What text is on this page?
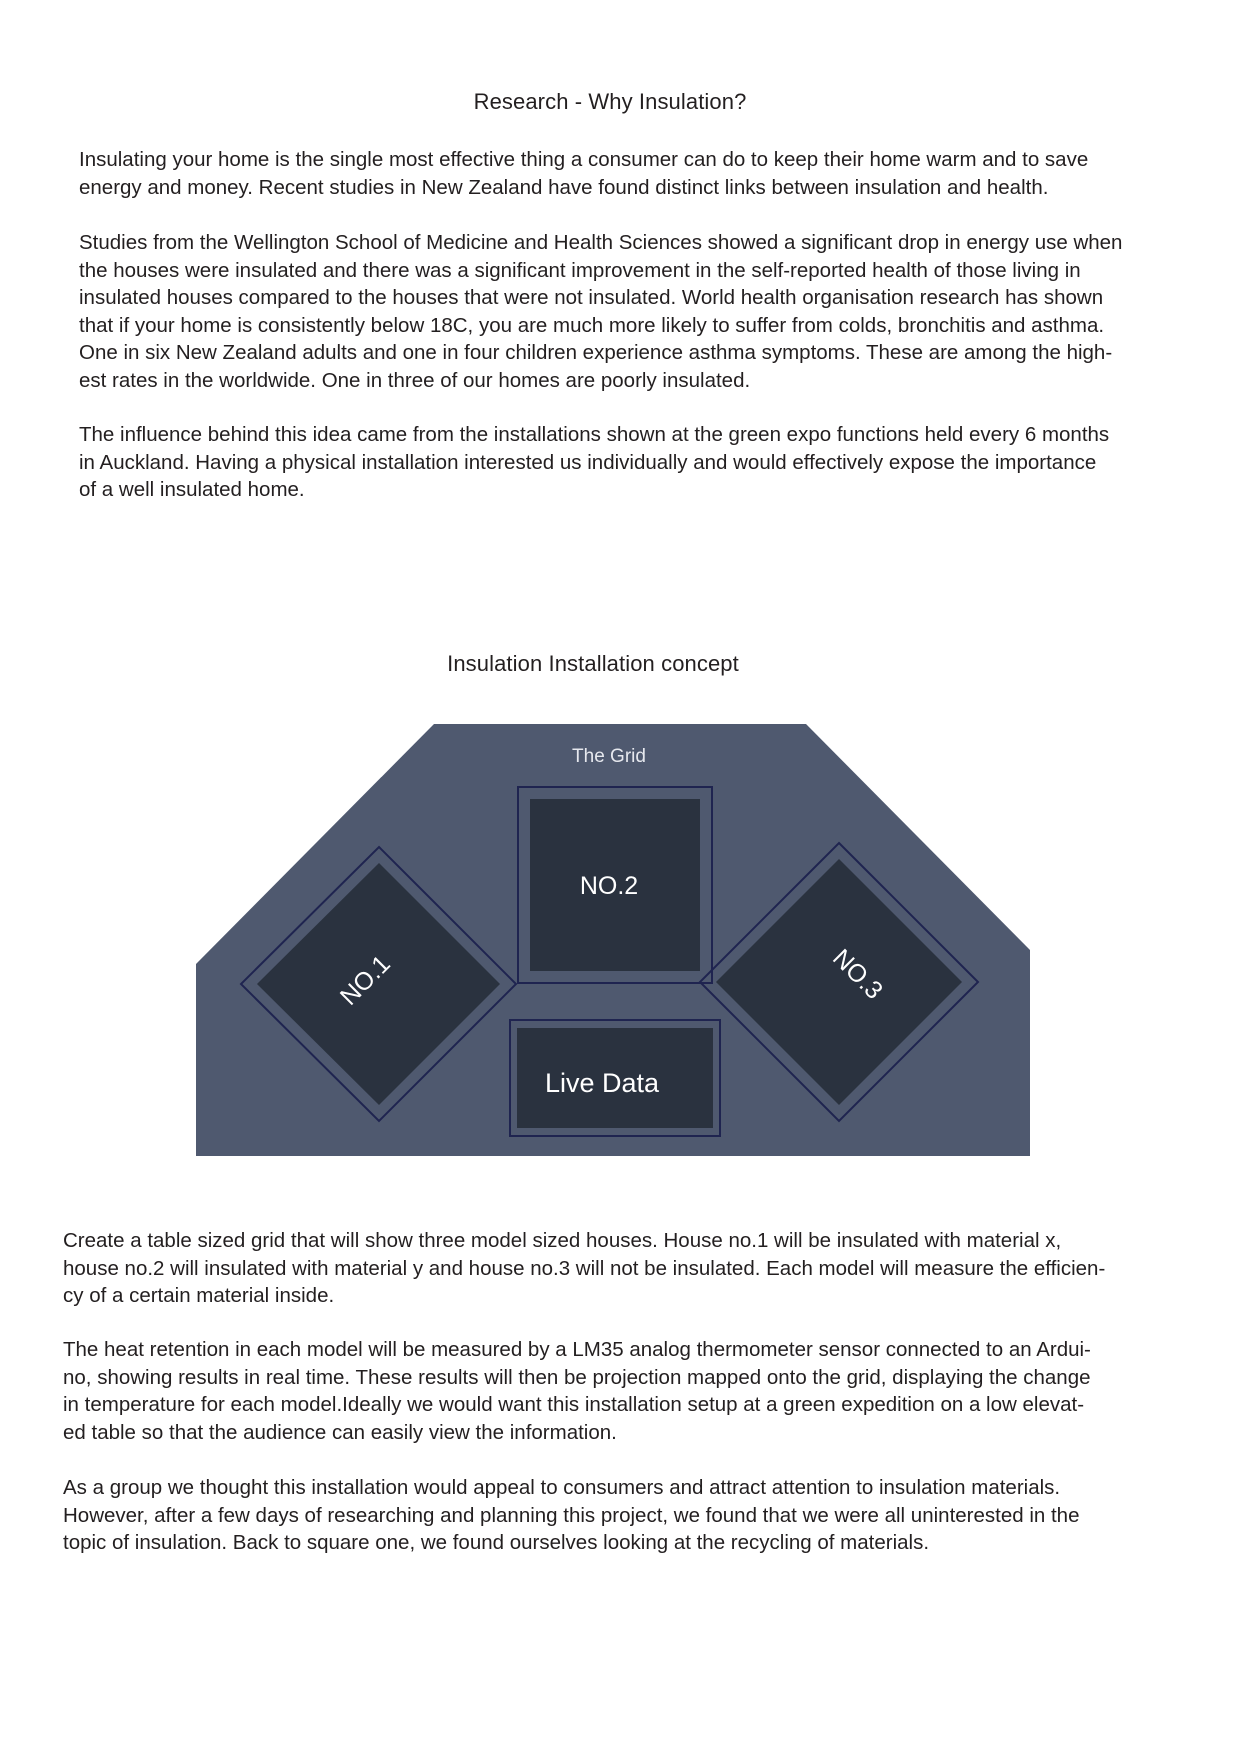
Research - Why Insulation?

Insulating your home is the single most effective thing a consumer can do to keep their home warm and to save
energy and money. Recent studies in New Zealand have found distinct links between insulation and health.

Studies from the Wellington School of Medicine and Health Sciences showed a significant drop in energy use when
the houses were insulated and there was a significant improvement in the self-reported health of those living in
insulated houses compared to the houses that were not insulated. World health organisation research has shown
that if your home is consistently below 18C, you are much more likely to suffer from colds, bronchitis and asthma.
One in six New Zealand adults and one in four children experience asthma symptoms. These are among the high-
est rates in the worldwide. One in three of our homes are poorly insulated.

The influence behind this idea came from the installations shown at the green expo functions held every 6 months
in Auckland. Having a physical installation interested us individually and would effectively expose the importance
of a well insulated home.

Insulation Installation concept
The Grid
NO.2
NO.1	NO.3
Live Data

Create a table sized grid that will show three model sized houses. House no.1 will be insulated with material x,
house no.2 will insulated with material y and house no.3 will not be insulated. Each model will measure the efficien-
cy of a certain material inside.

The heat retention in each model will be measured by a LM35 analog thermometer sensor connected to an Ardui-
no, showing results in real time. These results will then be projection mapped onto the grid, displaying the change
in temperature for each model.Ideally we would want this installation setup at a green expedition on a low elevat-
ed table so that the audience can easily view the information.

As a group we thought this installation would appeal to consumers and attract attention to insulation materials.
However, after a few days of researching and planning this project, we found that we were all uninterested in the
topic of insulation. Back to square one, we found ourselves looking at the recycling of materials.
